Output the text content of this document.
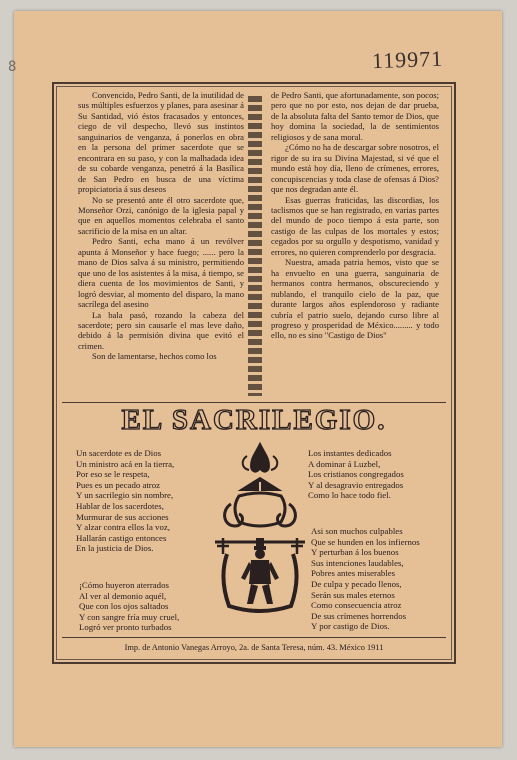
8	119971

Convencido, Pedro Santi, de la inutilidad de sus múltiples esfuerzos y planes, para asesinar á Su Santidad, vió éstos fracasados y entonces, ciego de vil despecho, llevó sus instintos sanguinarios de venganza, á ponerlos en obra en la persona del primer sacerdote que se encontrara en su paso, y con la malhadada idea de su cobarde venganza, penetró á la Basílica de San Pedro en busca de una víctima propiciatoria á sus deseos

No se presentó ante él otro sacerdote que, Monseñor Orzi, canónigo de la iglesia papal y que en aquellos momentos celebraba el santo sacrificio de la misa en un altar.

Pedro Santi, echa mano á un revólver apunta á Monseñor y hace fuego; ...... pero la mano de Dios salva á su ministro, permitiendo que uno de los asistentes á la misa, á tiempo, se diera cuenta de los movimientos de Santi, y logró desviar, al momento del disparo, la mano sacrílega del asesino

La bala pasó, rozando la cabeza del sacerdote; pero sin causarle el mas leve daño, debido á la permisión divina que evitó el crimen.

Son de lamentarse, hechos como los

de Pedro Santi, que afortunadamente, son pocos; pero que no por esto, nos dejan de dar prueba, de la absoluta falta del Santo temor de Dios, que hoy domina la sociedad, la de sentimientos religiosos y de sana moral.

¿Cómo no ha de descargar sobre nosotros, el rigor de su ira su Divina Majestad, si vé que el mundo está hoy día, lleno de crímenes, errores, concupiscencias y toda clase de ofensas á Dios? que nos degradan ante él.

Esas guerras fraticidas, las discordias, los taclismos que se han registrado, en varias partes del mundo de poco tiempo á esta parte, son castigo de las culpas de los mortales y estos; cegados por su orgullo y despotismo, vanidad y errores, no quieren comprenderlo por desgracia.

Nuestra, amada patria hemos, visto que se ha envuelto en una guerra, sanguinaria de hermanos contra hermanos, obscureciendo y nublando, el tranquilo cielo de la paz, que durante largos años esplendoroso y radiante cubría el patrio suelo, dejando curso libre al progreso y prosperidad de México......... y todo ello, no es sino "Castigo de Dios"

EL SACRILEGIO.
Un sacerdote es de Dios
Un ministro acá en la tierra,
Por eso se le respeta,
Pues es un pecado atroz
Y un sacrilegio sin nombre,
Hablar de los sacerdotes,
Murmurar de sus acciones
Y alzar contra ellos la voz,
Hallarán castigo entonces
En la justicia de Dios.
Los instantes dedicados
A dominar á Luzbel,
Los cristianos congregados
Y al desagravio entregados
Como lo hace todo fiel.
Asi son muchos culpables
Que se hunden en los infiernos
Y perturban á los buenos
Sus intenciones laudables,
Pobres antes miserables
De culpa y pecado llenos,
Serán sus males eternos
Como consecuencia atroz
De sus crímenes horrendos
Y por castigo de Dios.
¡Cómo huyeron aterrados
Al ver al demonio aquél,
Que con los ojos saltados
Y con sangre fría muy cruel,
Logró ver pronto turbados
Imp. de Antonio Vanegas Arroyo, 2a. de Santa Teresa, núm. 43. México 1911
